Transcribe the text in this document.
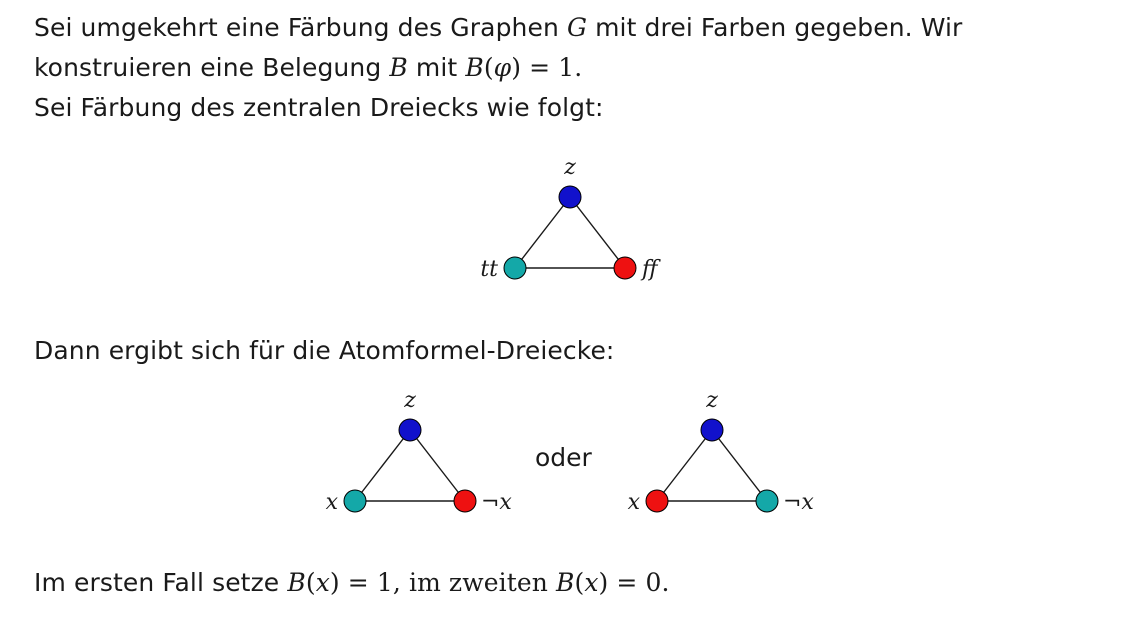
Sei umgekehrt eine Färbung des Graphen G mit drei Farben gegeben. Wir
konstruieren eine Belegung B mit B(φ) = 1.
Sei Färbung des zentralen Dreiecks wie folgt:
z
tt	ff
Dann ergibt sich für die Atomformel-Dreiecke:
z
x	¬x
oder
z
x	¬x
Im ersten Fall setze B(x) = 1, im zweiten B(x) = 0.
